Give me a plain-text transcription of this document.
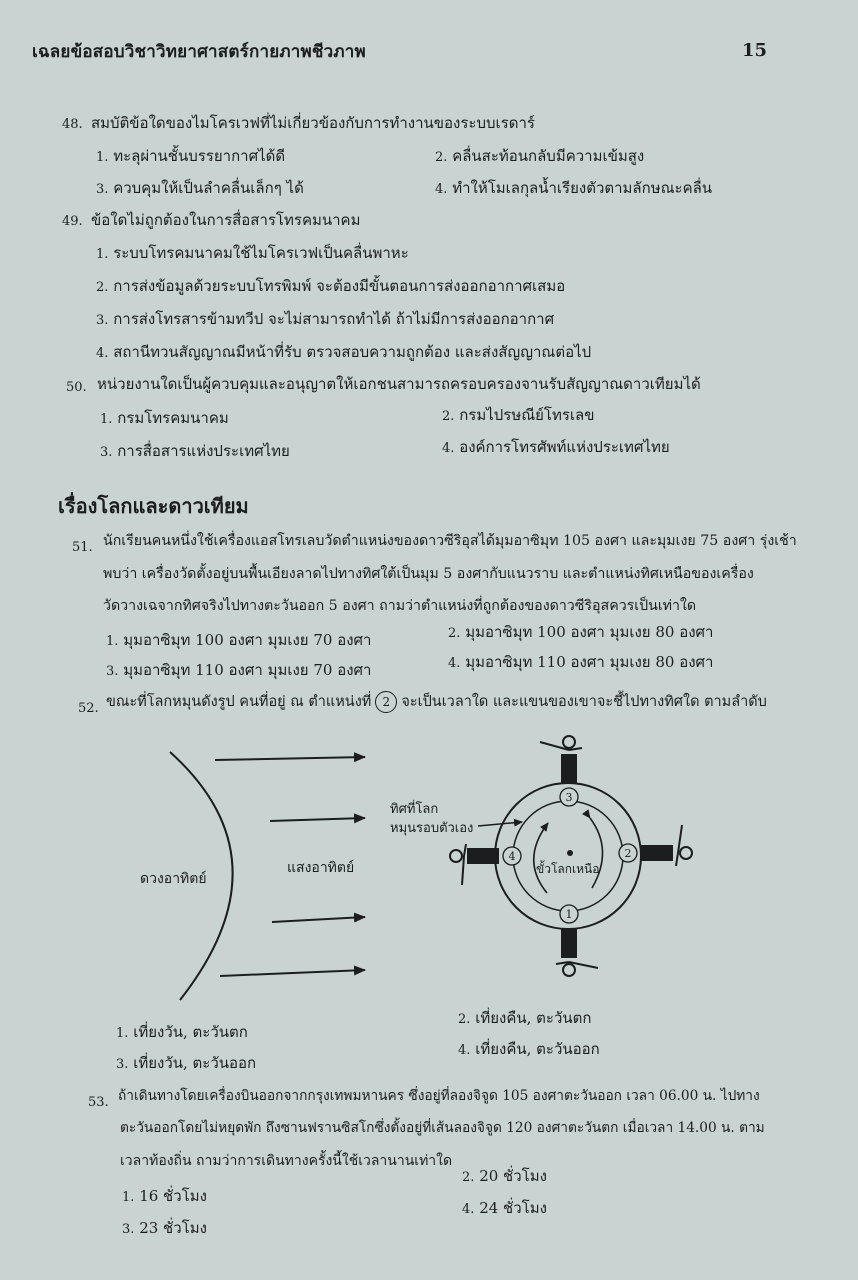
เฉลยข้อสอบวิชาวิทยาศาสตร์กายภาพชีวภาพ	15
48. สมบัติข้อใดของไมโครเวฟที่ไม่เกี่ยวข้องกับการทำงานของระบบเรดาร์
1. ทะลุผ่านชั้นบรรยากาศได้ดี	2. คลื่นสะท้อนกลับมีความเข้มสูง
3. ควบคุมให้เป็นลำคลื่นเล็กๆ ได้	4. ทำให้โมเลกุลน้ำเรียงตัวตามลักษณะคลื่น
49. ข้อใดไม่ถูกต้องในการสื่อสารโทรคมนาคม
1. ระบบโทรคมนาคมใช้ไมโครเวฟเป็นคลื่นพาหะ
2. การส่งข้อมูลด้วยระบบโทรพิมพ์ จะต้องมีขั้นตอนการส่งออกอากาศเสมอ
3. การส่งโทรสารข้ามทวีป จะไม่สามารถทำได้ ถ้าไม่มีการส่งออกอากาศ
4. สถานีทวนสัญญาณมีหน้าที่รับ ตรวจสอบความถูกต้อง และส่งสัญญาณต่อไป
50. หน่วยงานใดเป็นผู้ควบคุมและอนุญาตให้เอกชนสามารถครอบครองจานรับสัญญาณดาวเทียมได้
1. กรมโทรคมนาคม	2. กรมไปรษณีย์โทรเลข
3. การสื่อสารแห่งประเทศไทย	4. องค์การโทรศัพท์แห่งประเทศไทย
เรื่องโลกและดาวเทียม
51. นักเรียนคนหนึ่งใช้เครื่องแอสโทรเลบวัดตำแหน่งของดาวซีริอุสได้มุมอาซิมุท 105 องศา และมุมเงย 75 องศา รุ่งเช้า
พบว่า เครื่องวัดตั้งอยู่บนพื้นเอียงลาดไปทางทิศใต้เป็นมุม 5 องศากับแนวราบ และตำแหน่งทิศเหนือของเครื่อง
วัดวางเฉจากทิศจริงไปทางตะวันออก 5 องศา ถามว่าตำแหน่งที่ถูกต้องของดาวซีริอุสควรเป็นเท่าใด
1. มุมอาซิมุท 100 องศา มุมเงย 70 องศา	2. มุมอาซิมุท 100 องศา มุมเงย 80 องศา
3. มุมอาซิมุท 110 องศา มุมเงย 70 องศา	4. มุมอาซิมุท 110 องศา มุมเงย 80 องศา
52. ขณะที่โลกหมุนดังรูป คนที่อยู่ ณ ตำแหน่งที่ 2 จะเป็นเวลาใด และแขนของเขาจะชี้ไปทางทิศใด ตามลำดับ
ดวงอาทิตย์
แสงอาทิตย์
ทิศที่โลก
หมุนรอบตัวเอง
ขั้วโลกเหนือ
3
2
4
1
1. เที่ยงวัน, ตะวันตก
2. เที่ยงคืน, ตะวันตก
3. เที่ยงวัน, ตะวันออก
4. เที่ยงคืน, ตะวันออก
53. ถ้าเดินทางโดยเครื่องบินออกจากกรุงเทพมหานคร ซึ่งอยู่ที่ลองจิจูด 105 องศาตะวันออก เวลา 06.00 น. ไปทาง
ตะวันออกโดยไม่หยุดพัก ถึงซานฟรานซิสโกซึ่งตั้งอยู่ที่เส้นลองจิจูด 120 องศาตะวันตก เมื่อเวลา 14.00 น. ตาม
เวลาท้องถิ่น ถามว่าการเดินทางครั้งนี้ใช้เวลานานเท่าใด
1. 16 ชั่วโมง
2. 20 ชั่วโมง
3. 23 ชั่วโมง
4. 24 ชั่วโมง
